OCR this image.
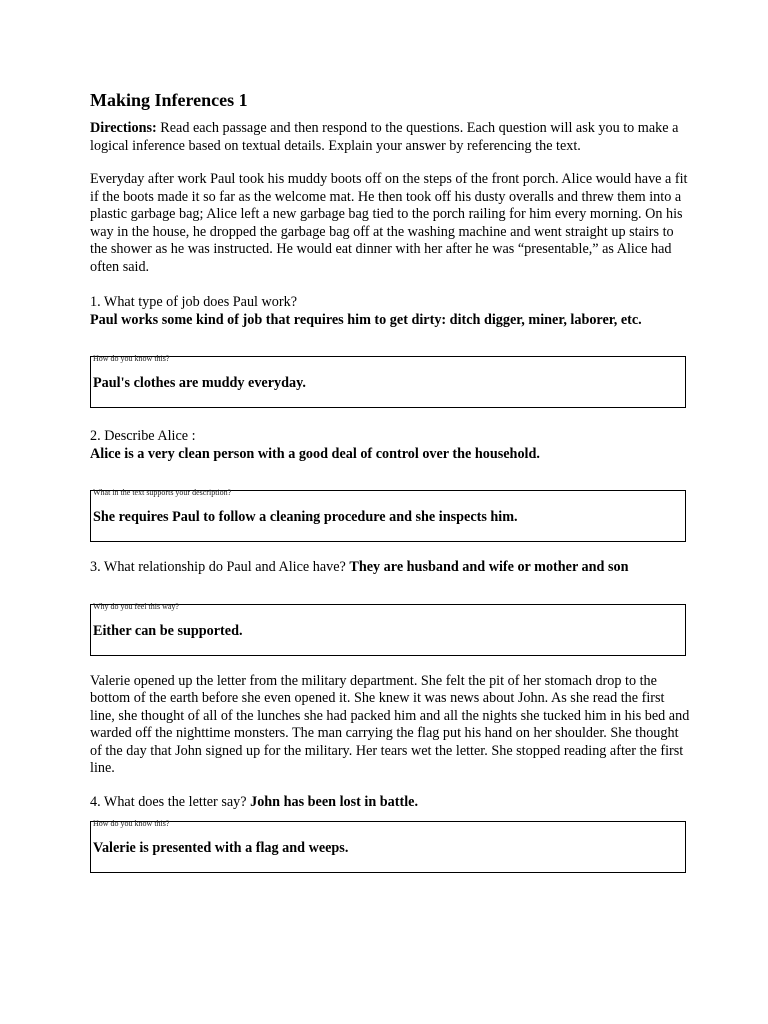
Making Inferences 1

Directions: Read each passage and then respond to the questions. Each question will ask you to make a logical inference based on textual details. Explain your answer by referencing the text.

Everyday after work Paul took his muddy boots off on the steps of the front porch. Alice would have a fit if the boots made it so far as the welcome mat. He then took off his dusty overalls and threw them into a plastic garbage bag; Alice left a new garbage bag tied to the porch railing for him every morning. On his way in the house, he dropped the garbage bag off at the washing machine and went straight up stairs to the shower as he was instructed. He would eat dinner with her after he was “presentable,” as Alice had often said.

1. What type of job does Paul work?

Paul works some kind of job that requires him to get dirty: ditch digger, miner, laborer, etc.

How do you know this?
Paul's clothes are muddy everyday.

2. Describe Alice :

Alice is a very clean person with a good deal of control over the household.

What in the text supports your description?
She requires Paul to follow a cleaning procedure and she inspects him.

3. What relationship do Paul and Alice have? They are husband and wife or mother and son

Why do you feel this way?
Either can be supported.

Valerie opened up the letter from the military department. She felt the pit of her stomach drop to the bottom of the earth before she even opened it. She knew it was news about John. As she read the first line, she thought of all of the lunches she had packed him and all the nights she tucked him in his bed and warded off the nighttime monsters. The man carrying the flag put his hand on her shoulder. She thought of the day that John signed up for the military. Her tears wet the letter. She stopped reading after the first line.

4. What does the letter say? John has been lost in battle.

How do you know this?
Valerie is presented with a flag and weeps.
